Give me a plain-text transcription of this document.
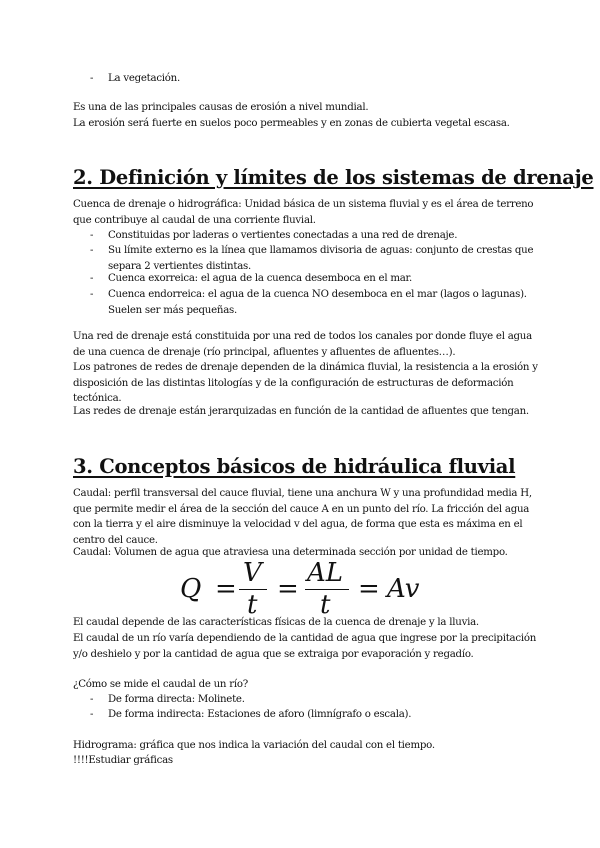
- La vegetación.
Es una de las principales causas de erosión a nivel mundial.
La erosión será fuerte en suelos poco permeables y en zonas de cubierta vegetal escasa.
2. Definición y límites de los sistemas de drenaje
Cuenca de drenaje o hidrográfica: Unidad básica de un sistema fluvial y es el área de terreno que contribuye al caudal de una corriente fluvial.
- Constituidas por laderas o vertientes conectadas a una red de drenaje.
- Su límite externo es la línea que llamamos divisoria de aguas: conjunto de crestas que separa 2 vertientes distintas.
- Cuenca exorreica: el agua de la cuenca desemboca en el mar.
- Cuenca endorreica: el agua de la cuenca NO desemboca en el mar (lagos o lagunas). Suelen ser más pequeñas.
Una red de drenaje está constituida por una red de todos los canales por donde fluye el agua de una cuenca de drenaje (río principal, afluentes y afluentes de afluentes…).
Los patrones de redes de drenaje dependen de la dinámica fluvial, la resistencia a la erosión y disposición de las distintas litologías y de la configuración de estructuras de deformación tectónica.
Las redes de drenaje están jerarquizadas en función de la cantidad de afluentes que tengan.
3. Conceptos básicos de hidráulica fluvial
Caudal: perfil transversal del cauce fluvial, tiene una anchura W y una profundidad media H, que permite medir el área de la sección del cauce A en un punto del río. La fricción del agua con la tierra y el aire disminuye la velocidad v del agua, de forma que esta es máxima en el centro del cauce.
Caudal: Volumen de agua que atraviesa una determinada sección por unidad de tiempo.
Q =
V
t
=
AL
t
= Av
El caudal depende de las características físicas de la cuenca de drenaje y la lluvia.
El caudal de un río varía dependiendo de la cantidad de agua que ingrese por la precipitación y/o deshielo y por la cantidad de agua que se extraiga por evaporación y regadío.
¿Cómo se mide el caudal de un río?
- De forma directa: Molinete.
- De forma indirecta: Estaciones de aforo (limnígrafo o escala).
Hidrograma: gráfica que nos indica la variación del caudal con el tiempo.
!!!!Estudiar gráficas
